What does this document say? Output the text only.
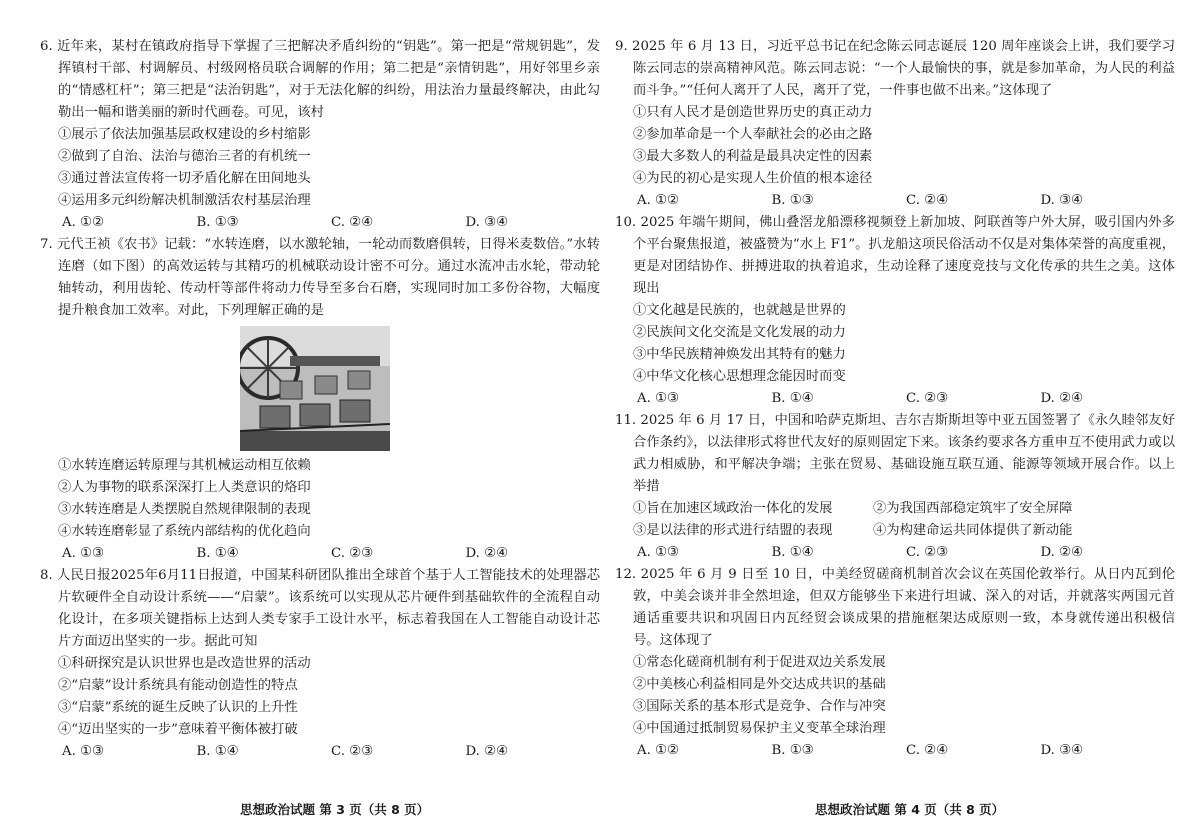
6. 近年来，某村在镇政府指导下掌握了三把解决矛盾纠纷的“钥匙”。第一把是“常规钥匙”，发挥镇村干部、村调解员、村级网格员联合调解的作用；第二把是“亲情钥匙”，用好邻里乡亲的“情感杠杆”；第三把是“法治钥匙”，对于无法化解的纠纷，用法治力量最终解决，由此勾勒出一幅和谐美丽的新时代画卷。可见，该村
①展示了依法加强基层政权建设的乡村缩影
②做到了自治、法治与德治三者的有机统一
③通过普法宣传将一切矛盾化解在田间地头
④运用多元纠纷解决机制激活农村基层治理
A. ①②	B. ①③	C. ②④	D. ③④
7. 元代王祯《农书》记载：“水转连磨，以水激轮轴，一轮动而数磨俱转，日得米麦数倍。”水转连磨（如下图）的高效运转与其精巧的机械联动设计密不可分。通过水流冲击水轮，带动轮轴转动，利用齿轮、传动杆等部件将动力传导至多台石磨，实现同时加工多份谷物，大幅度提升粮食加工效率。对此，下列理解正确的是
①水转连磨运转原理与其机械运动相互依赖
②人为事物的联系深深打上人类意识的烙印
③水转连磨是人类摆脱自然规律限制的表现
④水转连磨彰显了系统内部结构的优化趋向
A. ①③	B. ①④	C. ②③	D. ②④
8. 人民日报2025年6月11日报道，中国某科研团队推出全球首个基于人工智能技术的处理器芯片软硬件全自动设计系统——“启蒙”。该系统可以实现从芯片硬件到基础软件的全流程自动化设计，在多项关键指标上达到人类专家手工设计水平，标志着我国在人工智能自动设计芯片方面迈出坚实的一步。据此可知
①科研探究是认识世界也是改造世界的活动
②“启蒙”设计系统具有能动创造性的特点
③“启蒙”系统的诞生反映了认识的上升性
④“迈出坚实的一步”意味着平衡体被打破
A. ①③	B. ①④	C. ②③	D. ②④
9. 2025 年 6 月 13 日，习近平总书记在纪念陈云同志诞辰 120 周年座谈会上讲，我们要学习陈云同志的崇高精神风范。陈云同志说：“一个人最愉快的事，就是参加革命，为人民的利益而斗争。”“任何人离开了人民，离开了党，一件事也做不出来。”这体现了
①只有人民才是创造世界历史的真正动力
②参加革命是一个人奉献社会的必由之路
③最大多数人的利益是最具决定性的因素
④为民的初心是实现人生价值的根本途径
A. ①②	B. ①③	C. ②④	D. ③④
10. 2025 年端午期间，佛山叠滘龙船漂移视频登上新加坡、阿联酋等户外大屏，吸引国内外多个平台聚焦报道，被盛赞为“水上 F1”。扒龙船这项民俗活动不仅是对集体荣誉的高度重视，更是对团结协作、拼搏进取的执着追求，生动诠释了速度竞技与文化传承的共生之美。这体现出
①文化越是民族的，也就越是世界的
②民族间文化交流是文化发展的动力
③中华民族精神焕发出其特有的魅力
④中华文化核心思想理念能因时而变
A. ①③	B. ①④	C. ②③	D. ②④
11. 2025 年 6 月 17 日，中国和哈萨克斯坦、吉尔吉斯斯坦等中亚五国签署了《永久睦邻友好合作条约》，以法律形式将世代友好的原则固定下来。该条约要求各方重申互不使用武力或以武力相威胁，和平解决争端；主张在贸易、基础设施互联互通、能源等领域开展合作。以上举措
①旨在加速区域政治一体化的发展	②为我国西部稳定筑牢了安全屏障
③是以法律的形式进行结盟的表现	④为构建命运共同体提供了新动能
A. ①③	B. ①④	C. ②③	D. ②④
12. 2025 年 6 月 9 日至 10 日，中美经贸磋商机制首次会议在英国伦敦举行。从日内瓦到伦敦，中美会谈并非全然坦途，但双方能够坐下来进行坦诚、深入的对话，并就落实两国元首通话重要共识和巩固日内瓦经贸会谈成果的措施框架达成原则一致，本身就传递出积极信号。这体现了
①常态化磋商机制有利于促进双边关系发展
②中美核心利益相同是外交达成共识的基础
③国际关系的基本形式是竞争、合作与冲突
④中国通过抵制贸易保护主义变革全球治理
A. ①②	B. ①③	C. ②④	D. ③④
思想政治试题 第 3 页（共 8 页）	思想政治试题 第 4 页（共 8 页）
